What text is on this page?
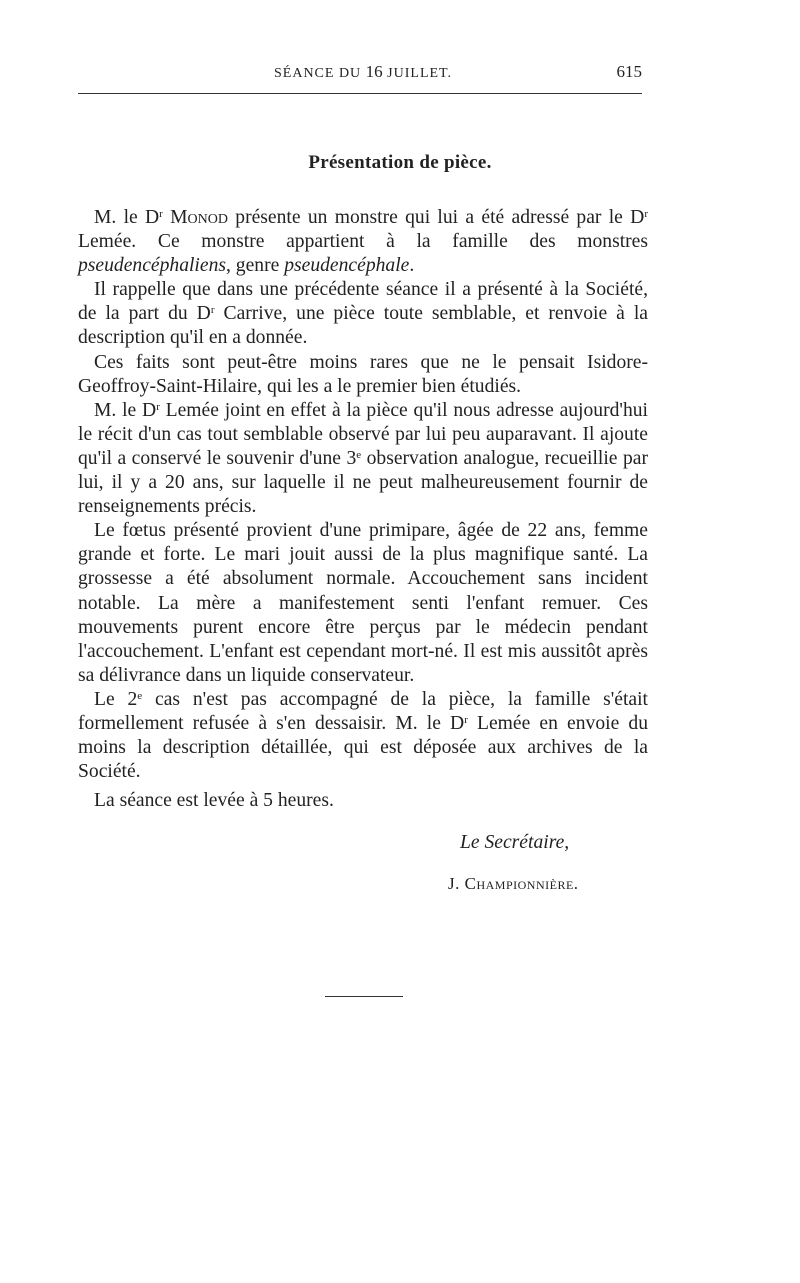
SÉANCE DU 16 JUILLET.	615
Présentation de pièce.

M. le $D^r$ Monod présente un monstre qui lui a été adressé par le $D^r$ Lemée. Ce monstre appartient à la famille des monstres pseudencéphaliens, genre pseudencéphale.

Il rappelle que dans une précédente séance il a présenté à la Société, de la part du $D^r$ Carrive, une pièce toute semblable, et renvoie à la description qu'il en a donnée.

Ces faits sont peut-être moins rares que ne le pensait Isidore-Geoffroy-Saint-Hilaire, qui les a le premier bien étudiés.

M. le $D^r$ Lemée joint en effet à la pièce qu'il nous adresse aujourd'hui le récit d'un cas tout semblable observé par lui peu auparavant. Il ajoute qu'il a conservé le souvenir d'une 3e observation analogue, recueillie par lui, il y a 20 ans, sur laquelle il ne peut malheureusement fournir de renseignements précis.

Le fœtus présenté provient d'une primipare, âgée de 22 ans, femme grande et forte. Le mari jouit aussi de la plus magnifique santé. La grossesse a été absolument normale. Accouchement sans incident notable. La mère a manifestement senti l'enfant remuer. Ces mouvements purent encore être perçus par le médecin pendant l'accouchement. L'enfant est cependant mort-né. Il est mis aussitôt après sa délivrance dans un liquide conservateur.

Le 2e cas n'est pas accompagné de la pièce, la famille s'était formellement refusée à s'en dessaisir. M. le $D^r$ Lemée en envoie du moins la description détaillée, qui est déposée aux archives de la Société.

La séance est levée à 5 heures.
Le Secrétaire,
J. Championnière.
